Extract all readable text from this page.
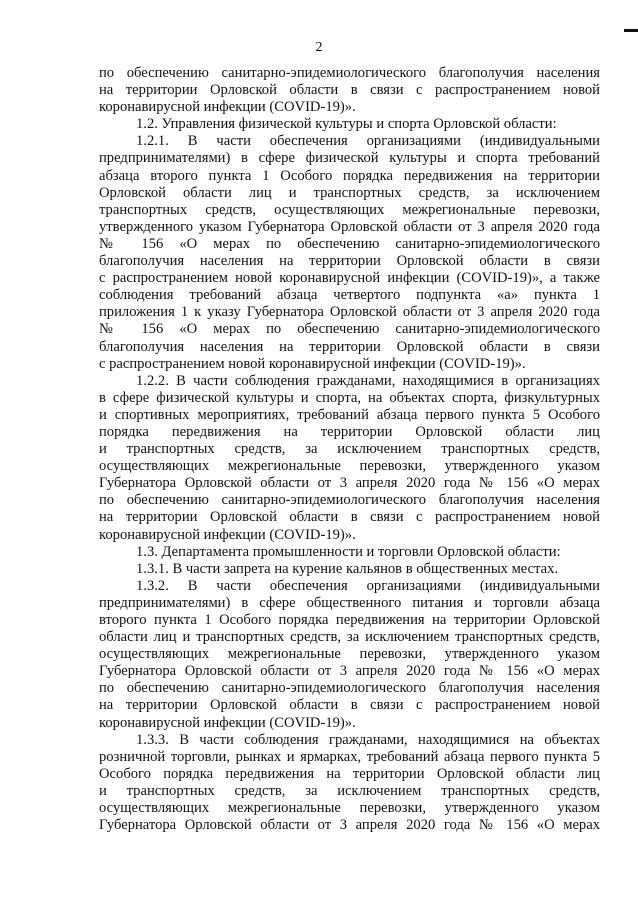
2
по обеспечению санитарно-эпидемиологического благополучия населения
на территории Орловской области в связи с распространением новой
коронавирусной инфекции (COVID-19)».
1.2. Управления физической культуры и спорта Орловской области:
1.2.1. В части обеспечения организациями (индивидуальными
предпринимателями) в сфере физической культуры и спорта требований
абзаца второго пункта 1 Особого порядка передвижения на территории
Орловской области лиц и транспортных средств, за исключением
транспортных средств, осуществляющих межрегиональные перевозки,
утвержденного указом Губернатора Орловской области от 3 апреля 2020 года
№ 156 «О мерах по обеспечению санитарно-эпидемиологического
благополучия населения на территории Орловской области в связи
с распространением новой коронавирусной инфекции (COVID-19)», а также
соблюдения требований абзаца четвертого подпункта «а» пункта 1
приложения 1 к указу Губернатора Орловской области от 3 апреля 2020 года
№ 156 «О мерах по обеспечению санитарно-эпидемиологического
благополучия населения на территории Орловской области в связи
с распространением новой коронавирусной инфекции (COVID-19)».
1.2.2. В части соблюдения гражданами, находящимися в организациях
в сфере физической культуры и спорта, на объектах спорта, физкультурных
и спортивных мероприятиях, требований абзаца первого пункта 5 Особого
порядка передвижения на территории Орловской области лиц
и транспортных средств, за исключением транспортных средств,
осуществляющих межрегиональные перевозки, утвержденного указом
Губернатора Орловской области от 3 апреля 2020 года № 156 «О мерах
по обеспечению санитарно-эпидемиологического благополучия населения
на территории Орловской области в связи с распространением новой
коронавирусной инфекции (COVID-19)».
1.3. Департамента промышленности и торговли Орловской области:
1.3.1. В части запрета на курение кальянов в общественных местах.
1.3.2. В части обеспечения организациями (индивидуальными
предпринимателями) в сфере общественного питания и торговли абзаца
второго пункта 1 Особого порядка передвижения на территории Орловской
области лиц и транспортных средств, за исключением транспортных средств,
осуществляющих межрегиональные перевозки, утвержденного указом
Губернатора Орловской области от 3 апреля 2020 года № 156 «О мерах
по обеспечению санитарно-эпидемиологического благополучия населения
на территории Орловской области в связи с распространением новой
коронавирусной инфекции (COVID-19)».
1.3.3. В части соблюдения гражданами, находящимися на объектах
розничной торговли, рынках и ярмарках, требований абзаца первого пункта 5
Особого порядка передвижения на территории Орловской области лиц
и транспортных средств, за исключением транспортных средств,
осуществляющих межрегиональные перевозки, утвержденного указом
Губернатора Орловской области от 3 апреля 2020 года № 156 «О мерах
